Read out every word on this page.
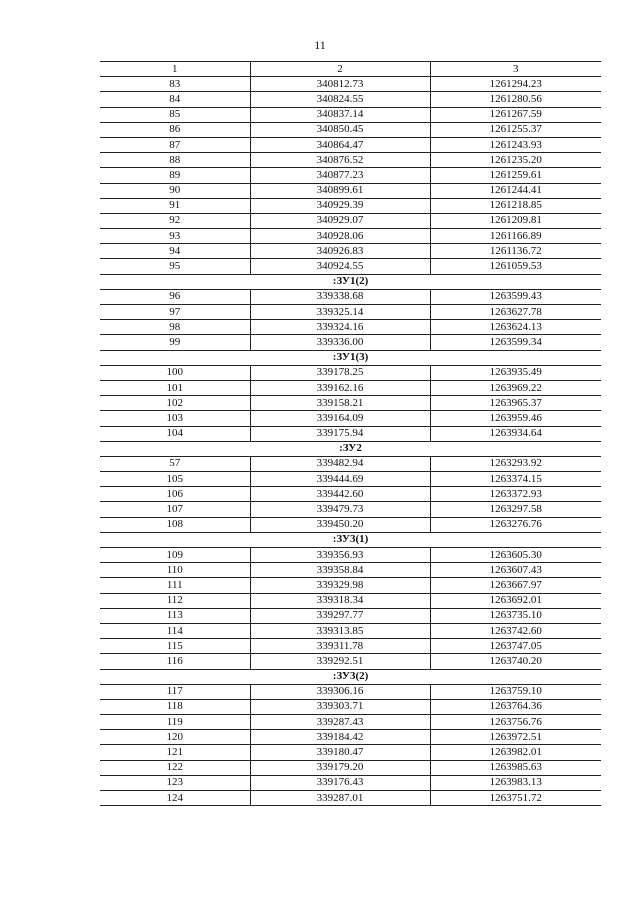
11
1	2	3
83	340812.73	1261294.23
84	340824.55	1261280.56
85	340837.14	1261267.59
86	340850.45	1261255.37
87	340864.47	1261243.93
88	340876.52	1261235.20
89	340877.23	1261259.61
90	340899.61	1261244.41
91	340929.39	1261218.85
92	340929.07	1261209.81
93	340928.06	1261166.89
94	340926.83	1261136.72
95	340924.55	1261059.53
:ЗУ1(2)		
96	339338.68	1263599.43
97	339325.14	1263627.78
98	339324.16	1263624.13
99	339336.00	1263599.34
:ЗУ1(3)		
100	339178.25	1263935.49
101	339162.16	1263969.22
102	339158.21	1263965.37
103	339164.09	1263959.46
104	339175.94	1263934.64
:ЗУ2		
57	339482.94	1263293.92
105	339444.69	1263374.15
106	339442.60	1263372.93
107	339479.73	1263297.58
108	339450.20	1263276.76
:ЗУ3(1)		
109	339356.93	1263605.30
110	339358.84	1263607.43
111	339329.98	1263667.97
112	339318.34	1263692.01
113	339297.77	1263735.10
114	339313.85	1263742.60
115	339311.78	1263747.05
116	339292.51	1263740.20
:ЗУ3(2)		
117	339306.16	1263759.10
118	339303.71	1263764.36
119	339287.43	1263756.76
120	339184.42	1263972.51
121	339180.47	1263982.01
122	339179.20	1263985.63
123	339176.43	1263983.13
124	339287.01	1263751.72
